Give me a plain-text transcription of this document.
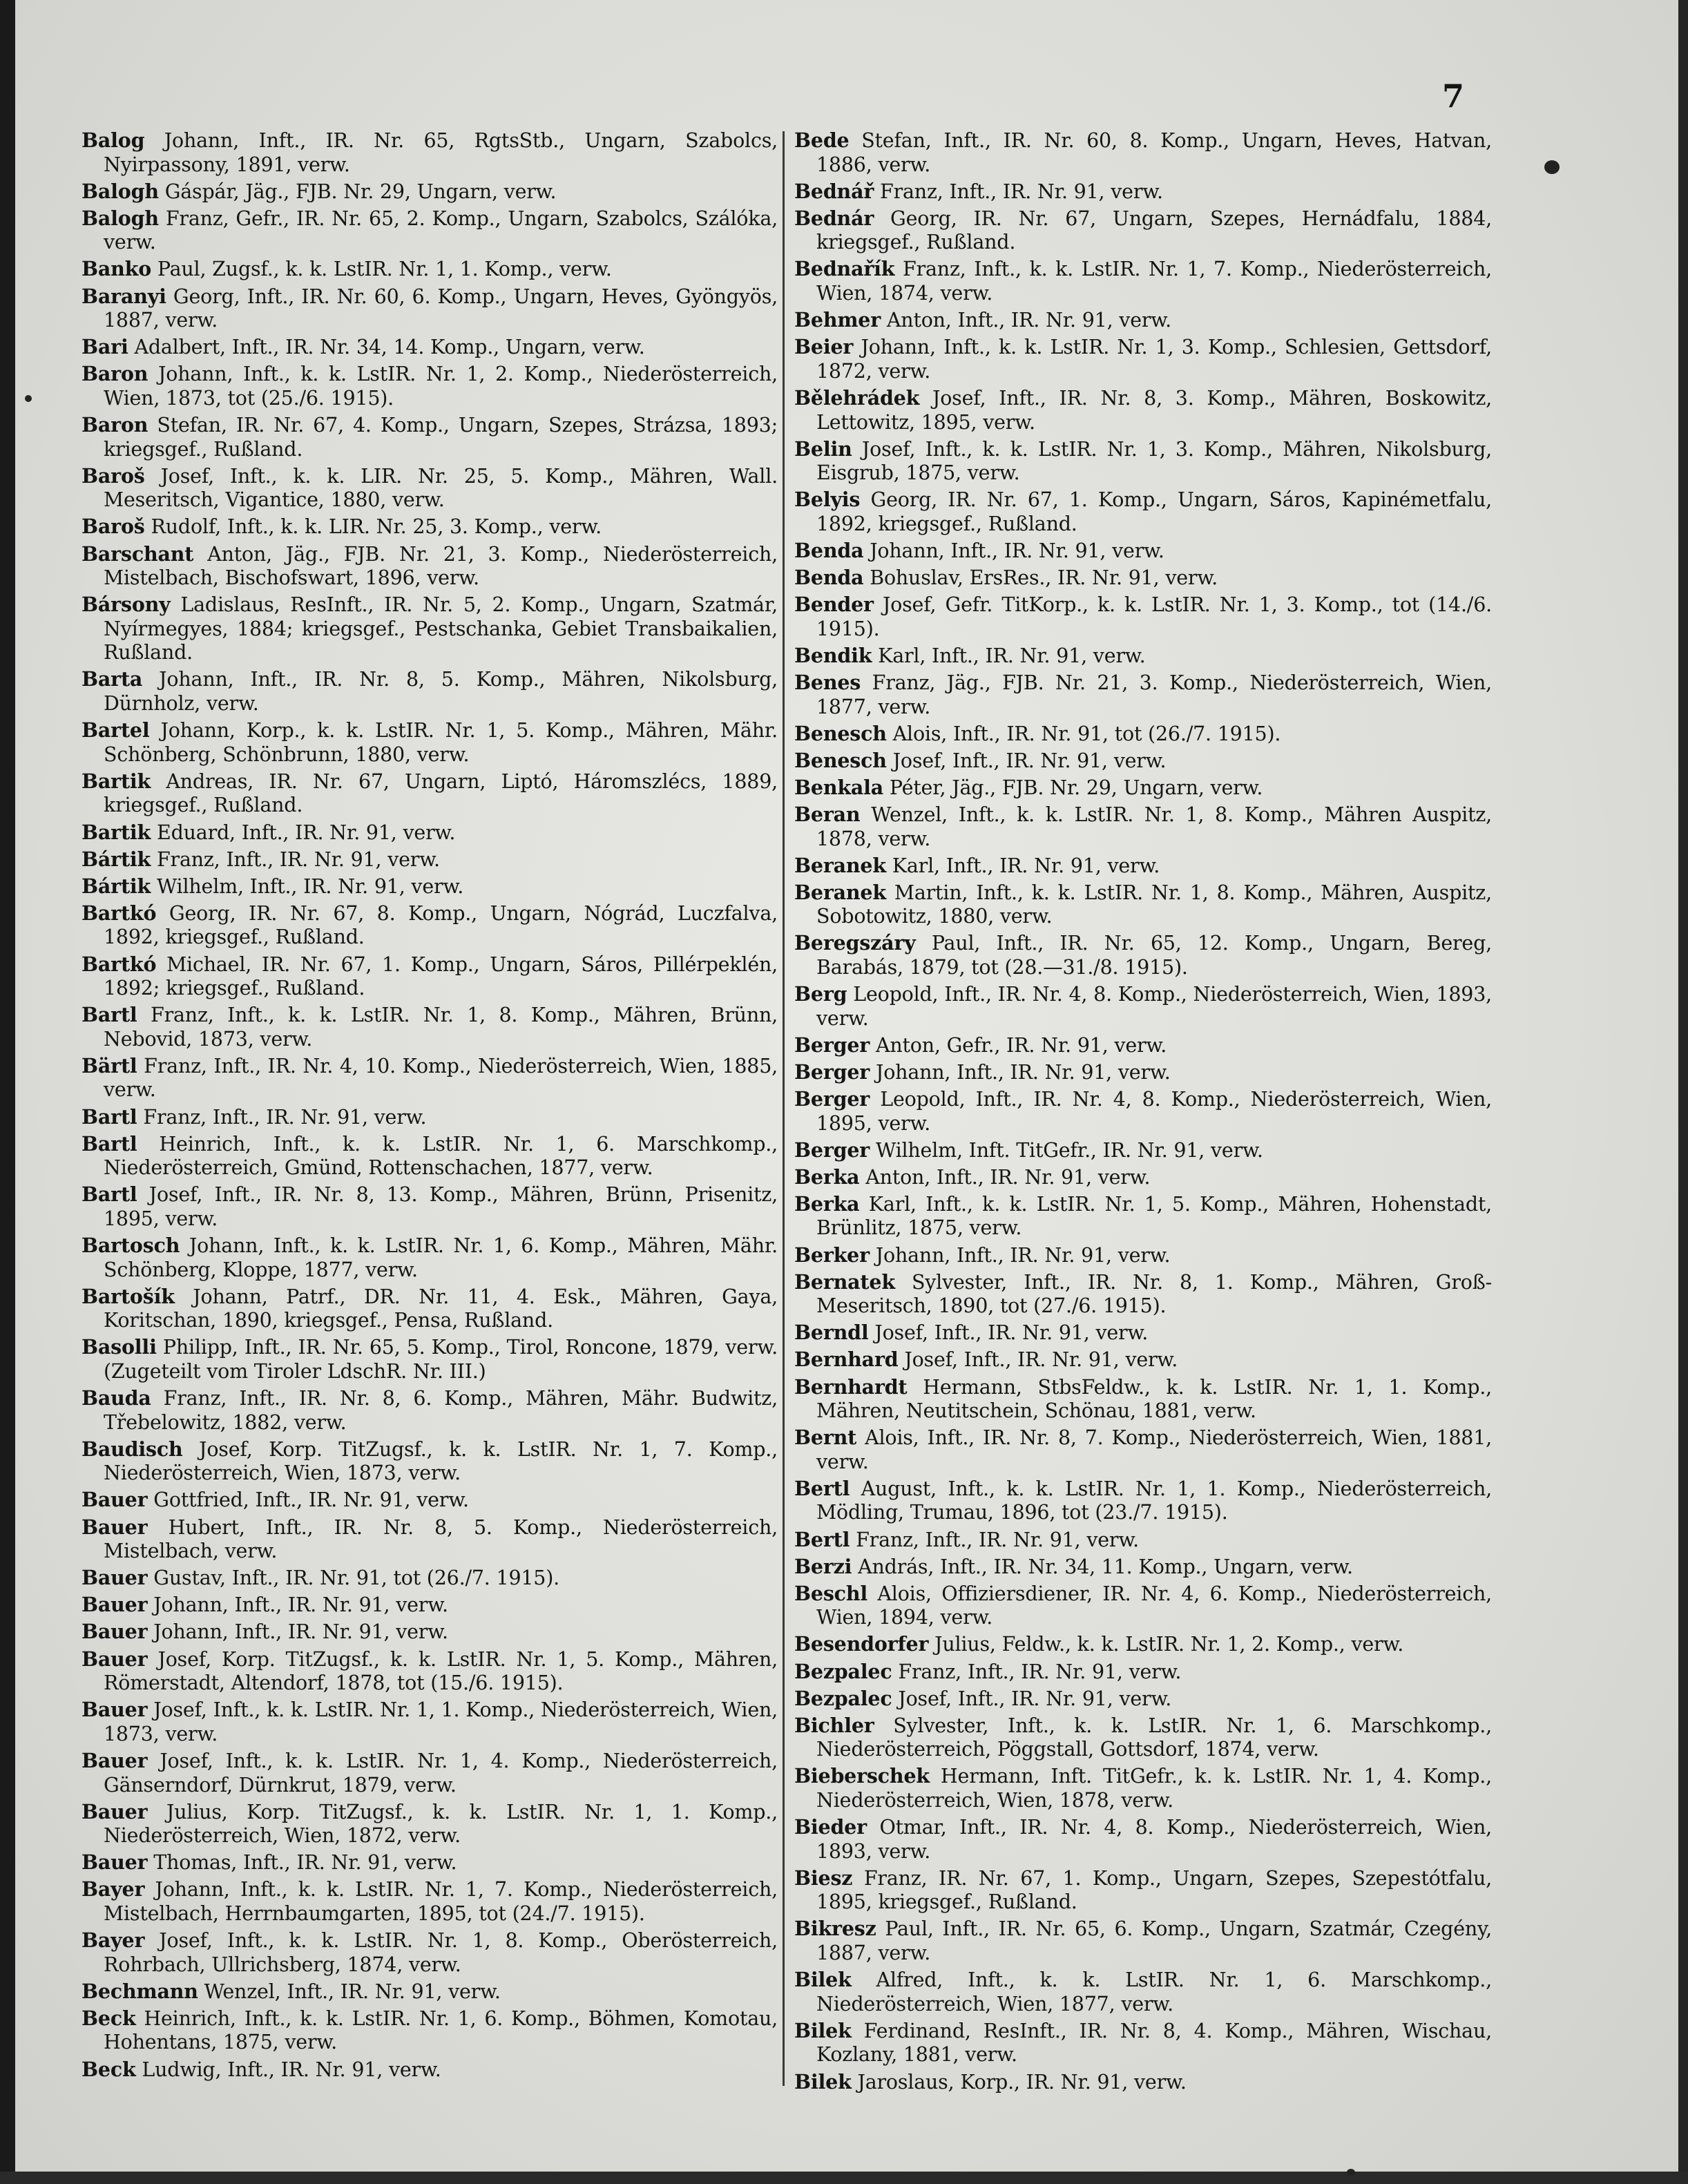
7

Balog Johann, Inft., IR. Nr. 65, RgtsStb., Ungarn, Szabolcs, Nyirpassony, 1891, verw.

Balogh Gáspár, Jäg., FJB. Nr. 29, Ungarn, verw.

Balogh Franz, Gefr., IR. Nr. 65, 2. Komp., Ungarn, Szabolcs, Szálóka, verw.

Banko Paul, Zugsf., k. k. LstIR. Nr. 1, 1. Komp., verw.

Baranyi Georg, Inft., IR. Nr. 60, 6. Komp., Ungarn, Heves, Gyöngyös, 1887, verw.

Bari Adalbert, Inft., IR. Nr. 34, 14. Komp., Ungarn, verw.

Baron Johann, Inft., k. k. LstIR. Nr. 1, 2. Komp., Niederösterreich, Wien, 1873, tot (25./6. 1915).

Baron Stefan, IR. Nr. 67, 4. Komp., Ungarn, Szepes, Strázsa, 1893; kriegsgef., Rußland.

Baroš Josef, Inft., k. k. LIR. Nr. 25, 5. Komp., Mähren, Wall. Meseritsch, Vigantice, 1880, verw.

Baroš Rudolf, Inft., k. k. LIR. Nr. 25, 3. Komp., verw.

Barschant Anton, Jäg., FJB. Nr. 21, 3. Komp., Niederösterreich, Mistelbach, Bischofswart, 1896, verw.

Bársony Ladislaus, ResInft., IR. Nr. 5, 2. Komp., Ungarn, Szatmár, Nyírmegyes, 1884; kriegsgef., Pestschanka, Gebiet Transbaikalien, Rußland.

Barta Johann, Inft., IR. Nr. 8, 5. Komp., Mähren, Nikolsburg, Dürnholz, verw.

Bartel Johann, Korp., k. k. LstIR. Nr. 1, 5. Komp., Mähren, Mähr. Schönberg, Schönbrunn, 1880, verw.

Bartik Andreas, IR. Nr. 67, Ungarn, Liptó, Háromszlécs, 1889, kriegsgef., Rußland.

Bartik Eduard, Inft., IR. Nr. 91, verw.

Bártik Franz, Inft., IR. Nr. 91, verw.

Bártik Wilhelm, Inft., IR. Nr. 91, verw.

Bartkó Georg, IR. Nr. 67, 8. Komp., Ungarn, Nógrád, Luczfalva, 1892, kriegsgef., Rußland.

Bartkó Michael, IR. Nr. 67, 1. Komp., Ungarn, Sáros, Pillérpeklén, 1892; kriegsgef., Rußland.

Bartl Franz, Inft., k. k. LstIR. Nr. 1, 8. Komp., Mähren, Brünn, Nebovid, 1873, verw.

Bärtl Franz, Inft., IR. Nr. 4, 10. Komp., Niederösterreich, Wien, 1885, verw.

Bartl Franz, Inft., IR. Nr. 91, verw.

Bartl Heinrich, Inft., k. k. LstIR. Nr. 1, 6. Marschkomp., Niederösterreich, Gmünd, Rottenschachen, 1877, verw.

Bartl Josef, Inft., IR. Nr. 8, 13. Komp., Mähren, Brünn, Prisenitz, 1895, verw.

Bartosch Johann, Inft., k. k. LstIR. Nr. 1, 6. Komp., Mähren, Mähr. Schönberg, Kloppe, 1877, verw.

Bartošík Johann, Patrf., DR. Nr. 11, 4. Esk., Mähren, Gaya, Koritschan, 1890, kriegsgef., Pensa, Rußland.

Basolli Philipp, Inft., IR. Nr. 65, 5. Komp., Tirol, Roncone, 1879, verw. (Zugeteilt vom Tiroler LdschR. Nr. III.)

Bauda Franz, Inft., IR. Nr. 8, 6. Komp., Mähren, Mähr. Budwitz, Třebelowitz, 1882, verw.

Baudisch Josef, Korp. TitZugsf., k. k. LstIR. Nr. 1, 7. Komp., Niederösterreich, Wien, 1873, verw.

Bauer Gottfried, Inft., IR. Nr. 91, verw.

Bauer Hubert, Inft., IR. Nr. 8, 5. Komp., Niederösterreich, Mistelbach, verw.

Bauer Gustav, Inft., IR. Nr. 91, tot (26./7. 1915).

Bauer Johann, Inft., IR. Nr. 91, verw.

Bauer Johann, Inft., IR. Nr. 91, verw.

Bauer Josef, Korp. TitZugsf., k. k. LstIR. Nr. 1, 5. Komp., Mähren, Römerstadt, Altendorf, 1878, tot (15./6. 1915).

Bauer Josef, Inft., k. k. LstIR. Nr. 1, 1. Komp., Niederösterreich, Wien, 1873, verw.

Bauer Josef, Inft., k. k. LstIR. Nr. 1, 4. Komp., Niederösterreich, Gänserndorf, Dürnkrut, 1879, verw.

Bauer Julius, Korp. TitZugsf., k. k. LstIR. Nr. 1, 1. Komp., Niederösterreich, Wien, 1872, verw.

Bauer Thomas, Inft., IR. Nr. 91, verw.

Bayer Johann, Inft., k. k. LstIR. Nr. 1, 7. Komp., Niederösterreich, Mistelbach, Herrnbaumgarten, 1895, tot (24./7. 1915).

Bayer Josef, Inft., k. k. LstIR. Nr. 1, 8. Komp., Oberösterreich, Rohrbach, Ullrichsberg, 1874, verw.

Bechmann Wenzel, Inft., IR. Nr. 91, verw.

Beck Heinrich, Inft., k. k. LstIR. Nr. 1, 6. Komp., Böhmen, Komotau, Hohentans, 1875, verw.

Beck Ludwig, Inft., IR. Nr. 91, verw.

Bede Stefan, Inft., IR. Nr. 60, 8. Komp., Ungarn, Heves, Hatvan, 1886, verw.

Bednář Franz, Inft., IR. Nr. 91, verw.

Bednár Georg, IR. Nr. 67, Ungarn, Szepes, Hernádfalu, 1884, kriegsgef., Rußland.

Bednařík Franz, Inft., k. k. LstIR. Nr. 1, 7. Komp., Niederösterreich, Wien, 1874, verw.

Behmer Anton, Inft., IR. Nr. 91, verw.

Beier Johann, Inft., k. k. LstIR. Nr. 1, 3. Komp., Schlesien, Gettsdorf, 1872, verw.

Bělehrádek Josef, Inft., IR. Nr. 8, 3. Komp., Mähren, Boskowitz, Lettowitz, 1895, verw.

Belin Josef, Inft., k. k. LstIR. Nr. 1, 3. Komp., Mähren, Nikolsburg, Eisgrub, 1875, verw.

Belyis Georg, IR. Nr. 67, 1. Komp., Ungarn, Sáros, Kapinémetfalu, 1892, kriegsgef., Rußland.

Benda Johann, Inft., IR. Nr. 91, verw.

Benda Bohuslav, ErsRes., IR. Nr. 91, verw.

Bender Josef, Gefr. TitKorp., k. k. LstIR. Nr. 1, 3. Komp., tot (14./6. 1915).

Bendik Karl, Inft., IR. Nr. 91, verw.

Benes Franz, Jäg., FJB. Nr. 21, 3. Komp., Niederösterreich, Wien, 1877, verw.

Benesch Alois, Inft., IR. Nr. 91, tot (26./7. 1915).

Benesch Josef, Inft., IR. Nr. 91, verw.

Benkala Péter, Jäg., FJB. Nr. 29, Ungarn, verw.

Beran Wenzel, Inft., k. k. LstIR. Nr. 1, 8. Komp., Mähren Auspitz, 1878, verw.

Beranek Karl, Inft., IR. Nr. 91, verw.

Beranek Martin, Inft., k. k. LstIR. Nr. 1, 8. Komp., Mähren, Auspitz, Sobotowitz, 1880, verw.

Beregszáry Paul, Inft., IR. Nr. 65, 12. Komp., Ungarn, Bereg, Barabás, 1879, tot (28.—31./8. 1915).

Berg Leopold, Inft., IR. Nr. 4, 8. Komp., Niederösterreich, Wien, 1893, verw.

Berger Anton, Gefr., IR. Nr. 91, verw.

Berger Johann, Inft., IR. Nr. 91, verw.

Berger Leopold, Inft., IR. Nr. 4, 8. Komp., Niederösterreich, Wien, 1895, verw.

Berger Wilhelm, Inft. TitGefr., IR. Nr. 91, verw.

Berka Anton, Inft., IR. Nr. 91, verw.

Berka Karl, Inft., k. k. LstIR. Nr. 1, 5. Komp., Mähren, Hohenstadt, Brünlitz, 1875, verw.

Berker Johann, Inft., IR. Nr. 91, verw.

Bernatek Sylvester, Inft., IR. Nr. 8, 1. Komp., Mähren, Groß-Meseritsch, 1890, tot (27./6. 1915).

Berndl Josef, Inft., IR. Nr. 91, verw.

Bernhard Josef, Inft., IR. Nr. 91, verw.

Bernhardt Hermann, StbsFeldw., k. k. LstIR. Nr. 1, 1. Komp., Mähren, Neutitschein, Schönau, 1881, verw.

Bernt Alois, Inft., IR. Nr. 8, 7. Komp., Niederösterreich, Wien, 1881, verw.

Bertl August, Inft., k. k. LstIR. Nr. 1, 1. Komp., Niederösterreich, Mödling, Trumau, 1896, tot (23./7. 1915).

Bertl Franz, Inft., IR. Nr. 91, verw.

Berzi András, Inft., IR. Nr. 34, 11. Komp., Ungarn, verw.

Beschl Alois, Offiziersdiener, IR. Nr. 4, 6. Komp., Niederösterreich, Wien, 1894, verw.

Besendorfer Julius, Feldw., k. k. LstIR. Nr. 1, 2. Komp., verw.

Bezpalec Franz, Inft., IR. Nr. 91, verw.

Bezpalec Josef, Inft., IR. Nr. 91, verw.

Bichler Sylvester, Inft., k. k. LstIR. Nr. 1, 6. Marschkomp., Niederösterreich, Pöggstall, Gottsdorf, 1874, verw.

Bieberschek Hermann, Inft. TitGefr., k. k. LstIR. Nr. 1, 4. Komp., Niederösterreich, Wien, 1878, verw.

Bieder Otmar, Inft., IR. Nr. 4, 8. Komp., Niederösterreich, Wien, 1893, verw.

Biesz Franz, IR. Nr. 67, 1. Komp., Ungarn, Szepes, Szepestótfalu, 1895, kriegsgef., Rußland.

Bikresz Paul, Inft., IR. Nr. 65, 6. Komp., Ungarn, Szatmár, Czegény, 1887, verw.

Bilek Alfred, Inft., k. k. LstIR. Nr. 1, 6. Marschkomp., Niederösterreich, Wien, 1877, verw.

Bilek Ferdinand, ResInft., IR. Nr. 8, 4. Komp., Mähren, Wischau, Kozlany, 1881, verw.

Bilek Jaroslaus, Korp., IR. Nr. 91, verw.
